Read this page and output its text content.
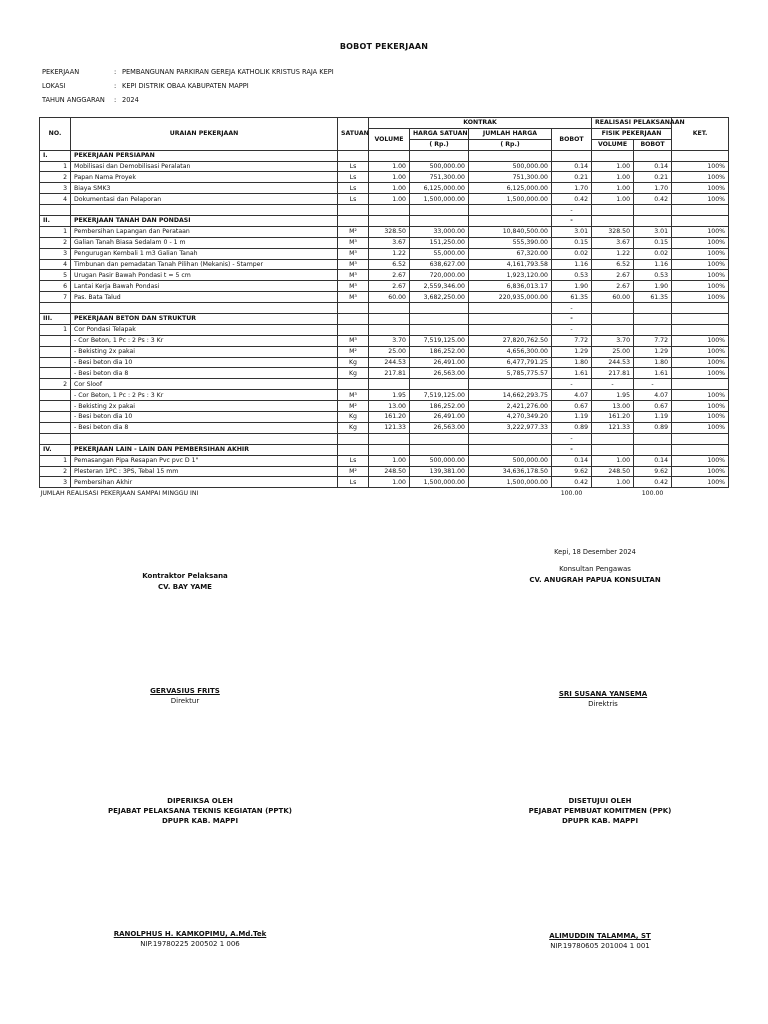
BOBOT PEKERJAAN
PEKERJAAN	: PEMBANGUNAN PARKIRAN GEREJA KATHOLIK KRISTUS RAJA KEPI
LOKASI	: KEPI DISTRIK OBAA KABUPATEN MAPPI
TAHUN ANGGARAN : 2024
NO.	URAIAN PEKERJAAN	SATUAN	KONTRAK				REALISASI PELAKSANAAN		KET.
			VOLUME	HARGA SATUAN	JUMLAH HARGA	BOBOT	FISIK PEKERJAAN		
				( Rp.)	( Rp.)		VOLUME	BOBOT	
I.	PEKERJAAN PERSIAPAN								
1	Mobilisasi dan Demobilisasi Peralatan	Ls	1.00	500,000.00	500,000.00	0.14	1.00	0.14	100%
2	Papan Nama Proyek	Ls	1.00	751,300.00	751,300.00	0.21	1.00	0.21	100%
3	Biaya SMK3	Ls	1.00	6,125,000.00	6,125,000.00	1.70	1.00	1.70	100%
4	Dokumentasi dan Pelaporan	Ls	1.00	1,500,000.00	1,500,000.00	0.42	1.00	0.42	100%
						-			
II.	PEKERJAAN TANAH DAN PONDASI					-			
1	Pembersihan Lapangan dan Perataan	M²	328.50	33,000.00	10,840,500.00	3.01	328.50	3.01	100%
2	Galian Tanah Biasa Sedalam 0 - 1 m	M³	3.67	151,250.00	555,390.00	0.15	3.67	0.15	100%
3	Pengurugan Kembali 1 m3 Galian Tanah	M³	1.22	55,000.00	67,320.00	0.02	1.22	0.02	100%
4	Timbunan dan pemadatan Tanah Pilihan (Mekanis) - Stamper	M³	6.52	638,627.00	4,161,793.58	1.16	6.52	1.16	100%
5	Urugan Pasir Bawah Pondasi t = 5 cm	M³	2.67	720,000.00	1,923,120.00	0.53	2.67	0.53	100%
6	Lantai Kerja Bawah Pondasi	M³	2.67	2,559,346.00	6,836,013.17	1.90	2.67	1.90	100%
7	Pas. Bata Talud	M³	60.00	3,682,250.00	220,935,000.00	61.35	60.00	61.35	100%
						-			
III.	PEKERJAAN BETON DAN STRUKTUR					-			
1	Cor Pondasi Telapak					-			
	- Cor Beton, 1 Pc : 2 Ps : 3 Kr	M³	3.70	7,519,125.00	27,820,762.50	7.72	3.70	7.72	100%
	- Bekisting 2x pakai	M²	25.00	186,252.00	4,656,300.00	1.29	25.00	1.29	100%
	- Besi beton dia 10	Kg	244.53	26,491.00	6,477,791.25	1.80	244.53	1.80	100%
	- Besi beton dia 8	Kg	217.81	26,563.00	5,785,775.57	1.61	217.81	1.61	100%
2	Cor Sloof					-	-	-	
	- Cor Beton, 1 Pc : 2 Ps : 3 Kr	M³	1.95	7,519,125.00	14,662,293.75	4.07	1.95	4.07	100%
	- Bekisting 2x pakai	M²	13.00	186,252.00	2,421,276.00	0.67	13.00	0.67	100%
	- Besi beton dia 10	Kg	161.20	26,491.00	4,270,349.20	1.19	161.20	1.19	100%
	- Besi beton dia 8	Kg	121.33	26,563.00	3,222,977.33	0.89	121.33	0.89	100%
						-			
IV.	PEKERJAAN LAIN - LAIN DAN PEMBERSIHAN AKHIR					-			
1	Pemasangan Pipa Resapan Pvc pvc D 1"	Ls	1.00	500,000.00	500,000.00	0.14	1.00	0.14	100%
2	Plesteran 1PC : 3PS, Tebal 15 mm	M²	248.50	139,381.00	34,636,178.50	9.62	248.50	9.62	100%
3	Pembersihan Akhir	Ls	1.00	1,500,000.00	1,500,000.00	0.42	1.00	0.42	100%
JUMLAH REALISASI PEKERJAAN SAMPAI MINGGU INI						100.00		100.00	
Kepi, 18 Desember 2024
Kontraktor Pelaksana
CV. BAY YAME
Konsultan Pengawas
CV. ANUGRAH PAPUA KONSULTAN
GERVASIUS FRITS
Direktur
SRI SUSANA YANSEMA
Direktris
DIPERIKSA OLEH
PEJABAT PELAKSANA TEKNIS KEGIATAN (PPTK)
DPUPR KAB. MAPPI
DISETUJUI OLEH
PEJABAT PEMBUAT KOMITMEN (PPK)
DPUPR KAB. MAPPI
RANOLPHUS H. KAMKOPIMU, A.Md.Tek
NIP.19780225 200502 1 006
ALIMUDDIN TALAMMA, ST
NIP.19780605 201004 1 001
